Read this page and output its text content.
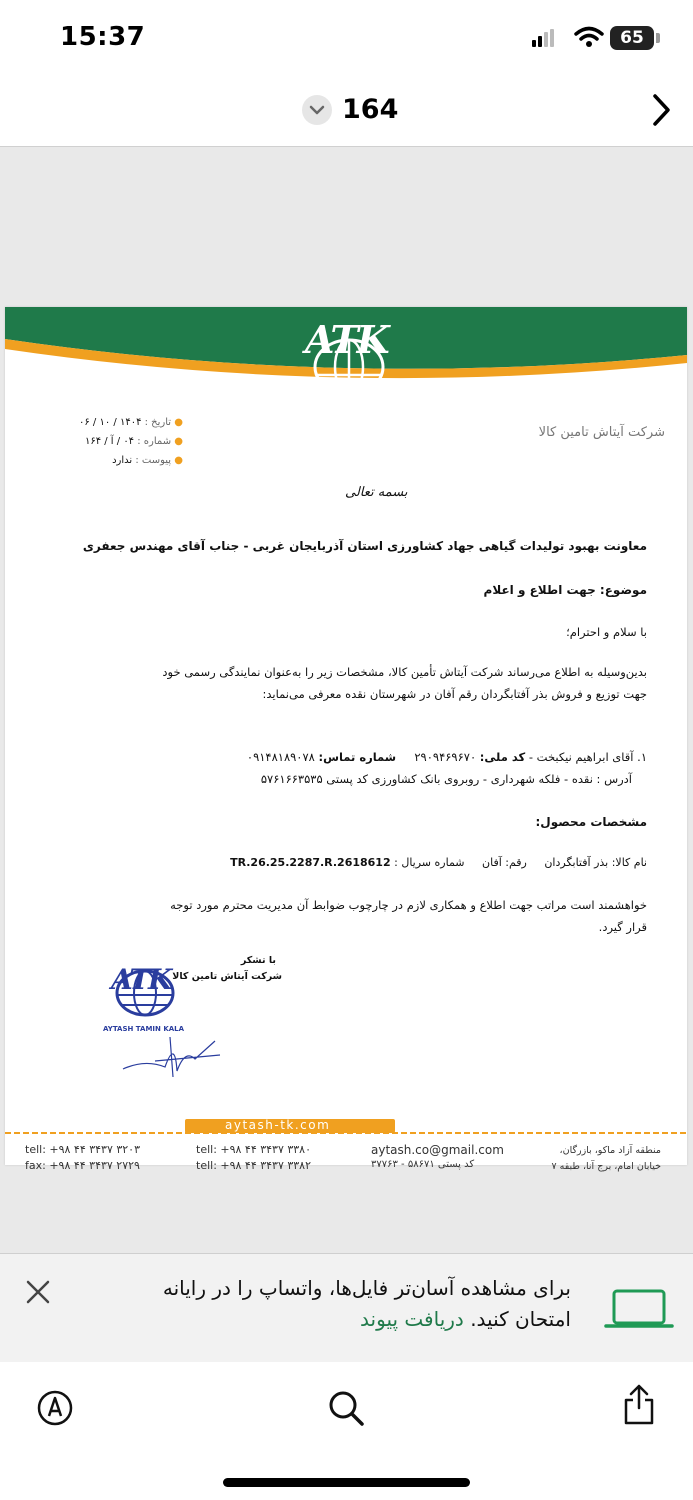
15:37	65
164
ATK
شرکت آیتاش تامین کالا
● تاریخ : ۱۴۰۴ / ۱۰ / ۰۶
● شماره : ۰۴ / آ / ۱۶۴
● پیوست : ندارد
بسمه تعالی
معاونت بهبود تولیدات گیاهی جهاد کشاورزی استان آذربایجان غربی - جناب آقای مهندس جعفری
موضوع: جهت اطلاع و اعلام
با سلام و احترام؛
بدین‌وسیله به اطلاع می‌رساند شرکت آیتاش تأمین کالا، مشخصات زیر را به‌عنوان نمایندگی رسمی خود
جهت توزیع و فروش بذر آفتابگردان رقم آفان در شهرستان نقده معرفی می‌نماید:
۱. آقای ابراهیم نیکبخت - کد ملی: ۲۹۰۹۴۶۹۶۷۰     شماره تماس: ۰۹۱۴۸۱۸۹۰۷۸
آدرس : نقده - فلکه شهرداری - روبروی بانک کشاورزی کد پستی ۵۷۶۱۶۶۳۵۳۵
مشخصات محصول:
نام کالا: بذر آفتابگردان     رقم: آفان     شماره سریال : TR.26.25.2287.R.2618612
خواهشمند است مراتب جهت اطلاع و همکاری لازم در چارچوب ضوابط آن مدیریت محترم مورد توجه
قرار گیرد.
با تشکر
شرکت آیتاش تامین کالا
ATK
AYTASH TAMIN KALA
aytash-tk.com
tell: +۹۸ ۴۴ ۳۴۳۷ ۳۲۰۳
fax: +۹۸ ۴۴ ۳۴۳۷ ۲۷۲۹
tell: +۹۸ ۴۴ ۳۴۳۷ ۳۳۸۰
tell: +۹۸ ۴۴ ۳۴۳۷ ۳۳۸۲
aytash.co@gmail.com
کد پستی ۵۸۶۷۱ - ۳۷۷۶۳
منطقه آزاد ماکو، بازرگان،
خیابان امام، برج آنا، طبقه ۷
برای مشاهده آسان‌تر فایل‌ها، واتساپ را در رایانه امتحان کنید. دریافت پیوند
